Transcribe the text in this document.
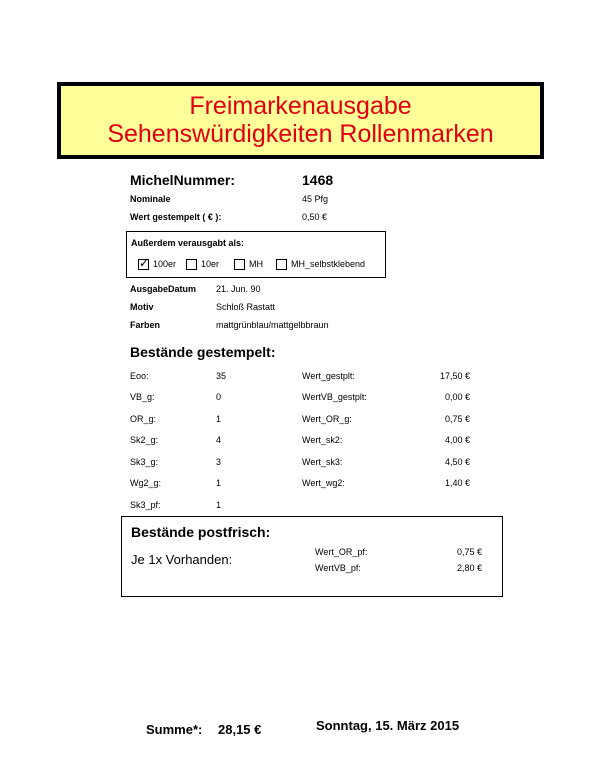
Freimarkenausgabe
Sehenswürdigkeiten Rollenmarken
MichelNummer:	1468
Nominale	45 Pfg
Wert gestempelt ( € ):	0,50 €
Außerdem verausgabt als:
✓
100er	10er	MH	MH_selbstklebend
AusgabeDatum 21. Jun. 90
Motiv	Schloß Rastatt
Farben	mattgrünblau/mattgelbbraun
Bestände gestempelt:
Eoo:	35	Wert_gestplt:	17,50 €
VB_g:	0	WertVB_gestplt:	0,00 €
OR_g:	1	Wert_OR_g:	0,75 €
Sk2_g:	4	Wert_sk2:	4,00 €
Sk3_g:	3	Wert_sk3:	4,50 €
Wg2_g:	1	Wert_wg2:	1,40 €
Sk3_pf:	1
Bestände postfrisch:
Je 1x Vorhanden:	Wert_OR_pf:	0,75 €
WertVB_pf:	2,80 €
Summe*: 28,15 €	Sonntag, 15. März 2015
